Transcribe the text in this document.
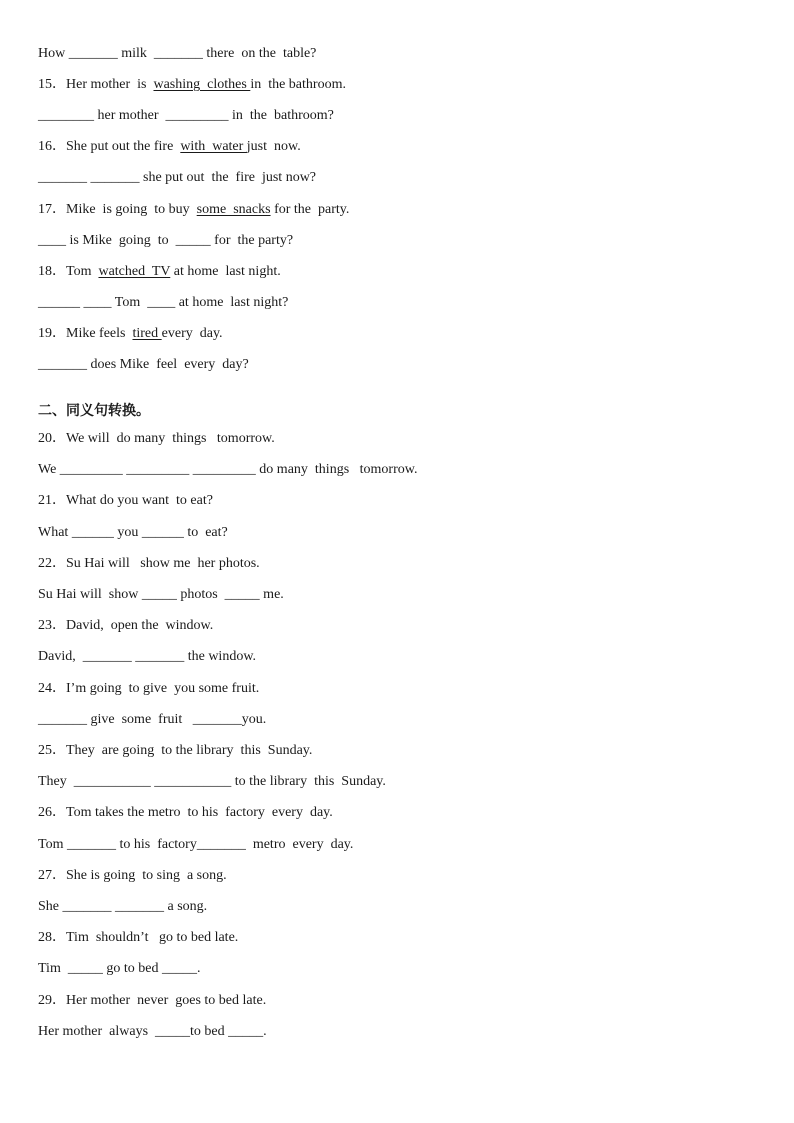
How _______ milk  _______ there  on the  table?
15．Her mother  is  washing  clothes in  the bathroom.
________ her mother  _________ in  the  bathroom?
16．She put out the fire  with  water just  now.
_______ _______ she put out  the  fire  just now?
17．Mike  is going  to buy  some  snacks for the  party.
____ is Mike  going  to  _____ for  the party?
18．Tom  watched  TV at home  last night.
______ ____ Tom  ____ at home  last night?
19．Mike feels  tired every  day.
_______ does Mike  feel  every  day?
二、同义句转换。
20．We will  do many  things   tomorrow.
We _________ _________ _________ do many  things   tomorrow.
21．What do you want  to eat?
What ______ you ______ to  eat?
22．Su Hai will   show me  her photos.
Su Hai will  show _____ photos  _____ me.
23．David,  open the  window.
David,  _______ _______ the window.
24．I’m going  to give  you some fruit.
_______ give  some  fruit   _______you.
25．They  are going  to the library  this  Sunday.
They  ___________ ___________ to the library  this  Sunday.
26．Tom takes the metro  to his  factory  every  day.
Tom _______ to his  factory_______  metro  every  day.
27．She is going  to sing  a song.
She _______ _______ a song.
28．Tim  shouldn’t   go to bed late.
Tim  _____ go to bed _____.
29．Her mother  never  goes to bed late.
Her mother  always  _____to bed _____.
